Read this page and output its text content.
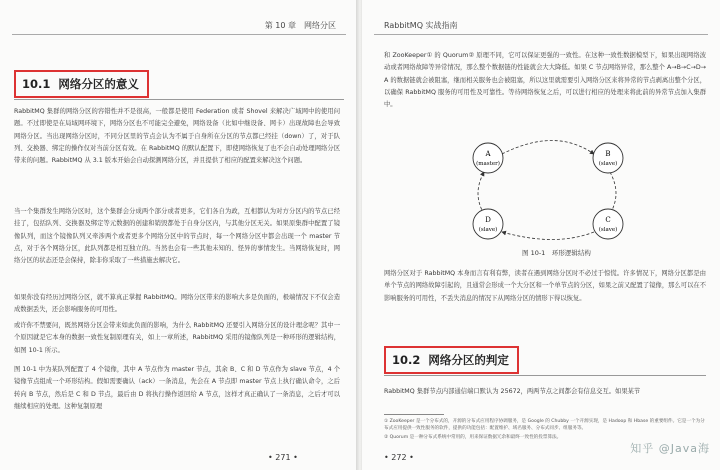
第 10 章　网络分区
10.1 网络分区的意义
RabbitMQ 集群的网络分区的容错性并不是很高，一般都是使用 Federation 或者 Shovel 来解决广域网中的使用问题。不过即使是在局域网环境下，网络分区也不可能完全避免，网络设备（比如中继设备、网卡）出现故障也会导致网络分区。当出现网络分区时，不同分区里的节点会认为不属于自身所在分区的节点都已经挂（down）了，对于队列、交换器、绑定的操作仅对当前分区有效。在 RabbitMQ 的默认配置下，即使网络恢复了也不会自动处理网络分区带来的问题。RabbitMQ 从 3.1 版本开始会自动探测网络分区，并且提供了相应的配置来解决这个问题。
当一个集群发生网络分区时，这个集群会分成两个部分或者更多，它们各自为政，互相都认为对方分区内的节点已经挂了，包括队列、交换器及绑定等元数据的创建和销毁都处于自身分区内，与其他分区无关。如果原集群中配置了镜像队列，而这个镜像队列又牵涉两个或者更多个网络分区中的节点时，每一个网络分区中都会出现一个 master 节点，对于各个网络分区，此队列都是相互独立的。当然也会有一些其他未知的、怪异的事情发生。当网络恢复时，网络分区的状态还是会保持，除非你采取了一些措施去解决它。
如果你没有经历过网络分区，就不算真正掌握 RabbitMQ。网络分区带来的影响大多是负面的，极端情况下不仅会造成数据丢失，还会影响服务的可用性。
或许你不禁要问，既然网络分区会带来如此负面的影响，为什么 RabbitMQ 还要引入网络分区的设计理念呢？其中一个原因就是它本身的数据一致性复制原理有关，如上一章所述，RabbitMQ 采用的镜像队列是一种环形的逻辑结构，如图 10-1 所示。
图 10-1 中为某队列配置了 4 个镜像，其中 A 节点作为 master 节点，其余 B、C 和 D 节点作为 slave 节点，4 个镜像节点组成一个环形结构。假如需要确认（ack）一条消息，先会在 A 节点即 master 节点上执行确认命令，之后转向 B 节点，然后是 C 和 D 节点，最后由 D 将执行操作返回给 A 节点，这样才真正确认了一条消息，之后才可以继续相应的处理。这种复制原理
• 271 •
RabbitMQ 实战指南
和 ZooKeeper① 的 Quorum② 原理不同，它可以保证更强的一致性。在这种一致性数据模型下，如果出现网络波动或者网络故障等异常情况，那么整个数据链的性能就会大大降低。如果 C 节点网络异常，那么整个 A→B→C→D→A 的数据链就会被阻塞，继而相关服务也会被阻塞，所以这里就需要引入网络分区来将异常的节点剥离出整个分区，以确保 RabbitMQ 服务的可用性及可靠性。等待网络恢复之后，可以进行相应的处理来将此前的异常节点加入集群中。
A
(master)
B
(slave)
C
(slave)
D
(slave)
图 10-1　环形逻辑结构
网络分区对于 RabbitMQ 本身而言有利有弊，读者在遇到网络分区时不必过于惊慌。许多情况下，网络分区都是由单个节点的网络故障引起的，且通常会形成一个大分区和一个单节点的分区，如果之前又配置了镜像，那么可以在不影响服务的可用性，不丢失消息的情况下从网络分区的情形下得以恢复。
10.2 网络分区的判定
RabbitMQ 集群节点内部通信端口默认为 25672，两两节点之间都会有信息交互。如果某节
① ZooKeeper 是一个分布式的，开源的分布式应用程序协调服务，是 Google 的 Chubby 一个开源实现，是 Hadoop 和 Hbase 的重要组件。它是一个为分布式应用提供一致性服务的软件，提供的功能包括：配置维护、域名服务、分布式同步、组服务等。
② Quorum 是一种分布式系统中常用的，用来保证数据冗余和最终一致性的投票算法。
• 272 •
知乎 @Java海
